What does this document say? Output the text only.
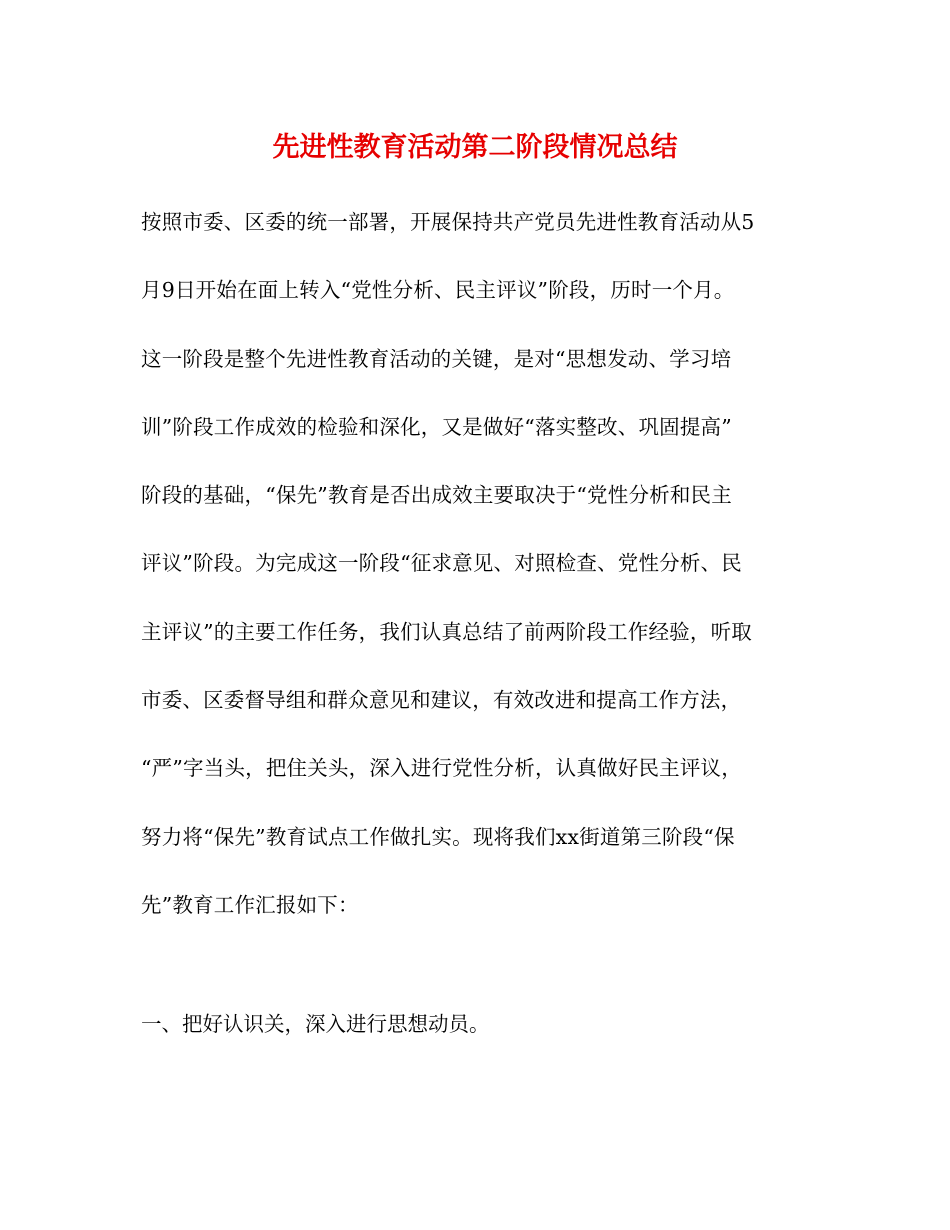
先进性教育活动第二阶段情况总结
按照市委、区委的统一部署，开展保持共产党员先进性教育活动从5
月9日开始在面上转入“党性分析、民主评议”阶段，历时一个月。
这一阶段是整个先进性教育活动的关键，是对“思想发动、学习培
训”阶段工作成效的检验和深化，又是做好“落实整改、巩固提高”
阶段的基础，“保先”教育是否出成效主要取决于“党性分析和民主
评议”阶段。为完成这一阶段“征求意见、对照检查、党性分析、民
主评议”的主要工作任务，我们认真总结了前两阶段工作经验，听取
市委、区委督导组和群众意见和建议，有效改进和提高工作方法，
“严”字当头，把住关头，深入进行党性分析，认真做好民主评议，
努力将“保先”教育试点工作做扎实。现将我们xx街道第三阶段“保
先”教育工作汇报如下：
一、把好认识关，深入进行思想动员。
